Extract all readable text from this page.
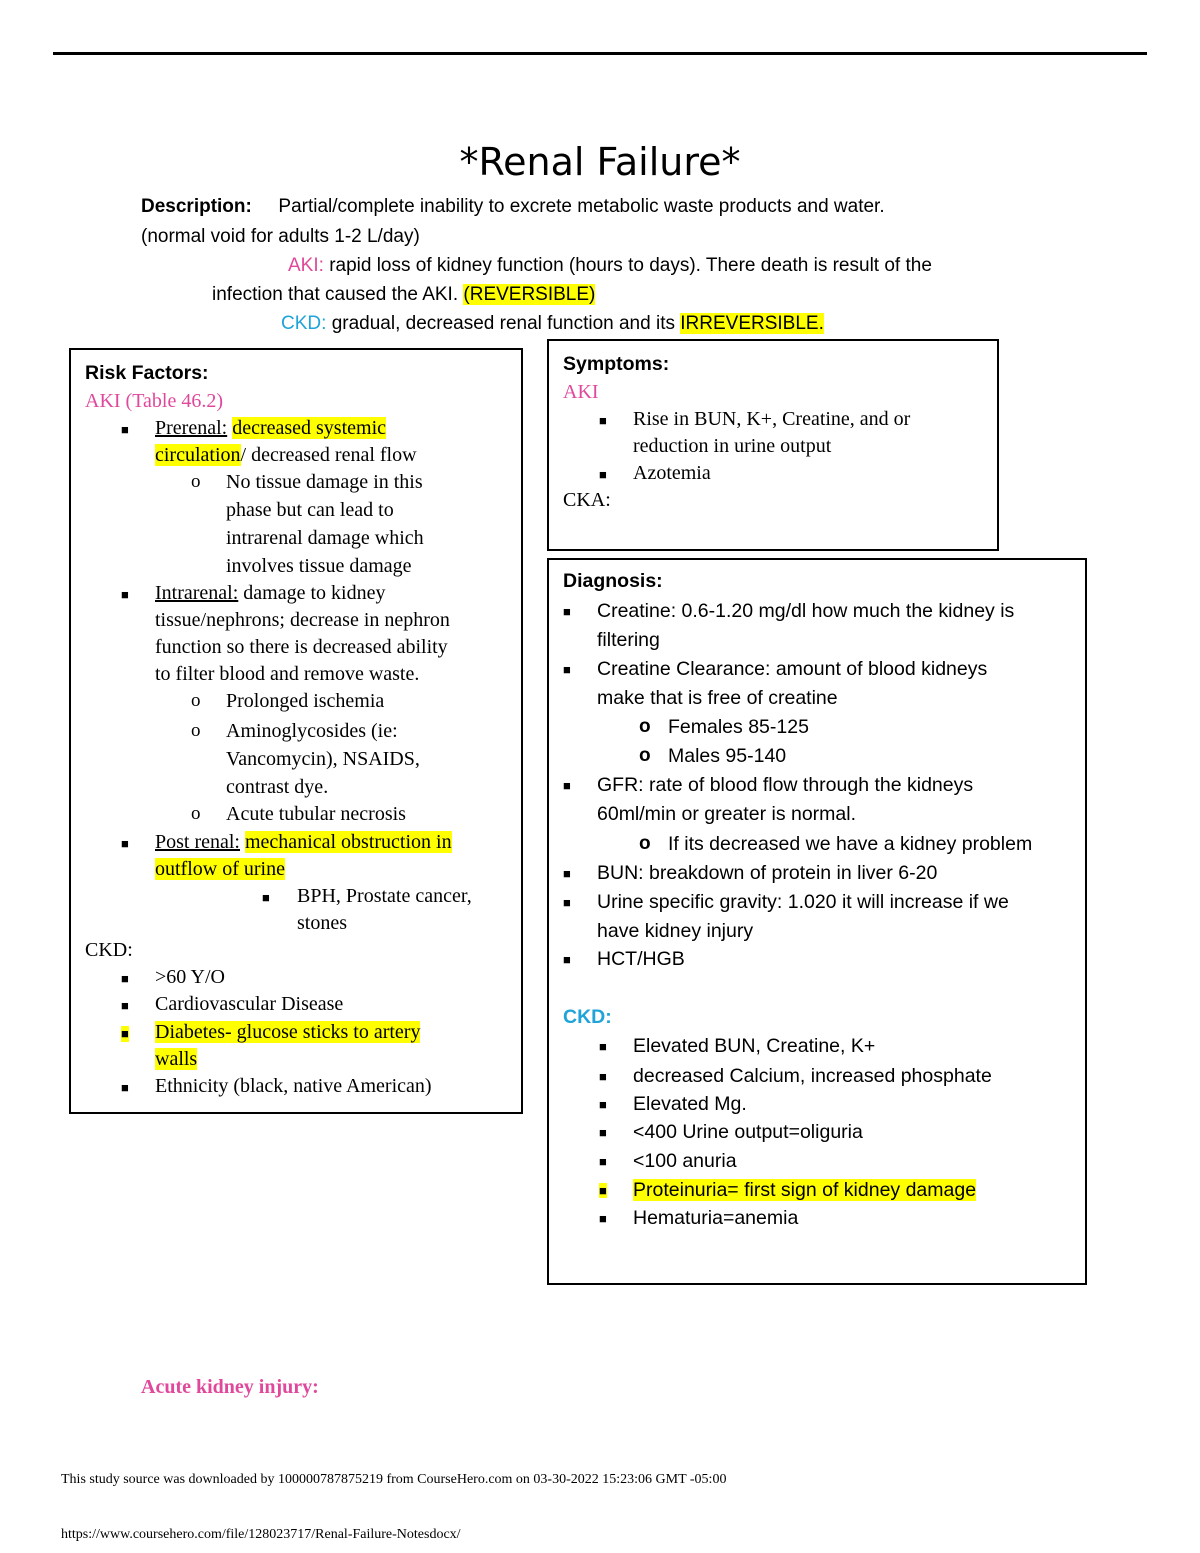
*Renal Failure*
Description: Partial/complete inability to excrete metabolic waste products and water.
(normal void for adults 1-2 L/day)
AKI: rapid loss of kidney function (hours to days). There death is result of the
infection that caused the AKI. (REVERSIBLE)
CKD: gradual, decreased renal function and its IRREVERSIBLE.
Risk Factors:
AKI (Table 46.2)
■ Prerenal: decreased systemic
circulation/ decreased renal flow
o No tissue damage in this
phase but can lead to
intrarenal damage which
involves tissue damage
■ Intrarenal: damage to kidney
tissue/nephrons; decrease in nephron
function so there is decreased ability
to filter blood and remove waste.
o Prolonged ischemia
o Aminoglycosides (ie:
Vancomycin), NSAIDS,
contrast dye.
o Acute tubular necrosis
■ Post renal: mechanical obstruction in
outflow of urine
■ BPH, Prostate cancer,
stones
CKD:
■ >60 Y/O
■ Cardiovascular Disease
■ Diabetes- glucose sticks to artery
walls
■ Ethnicity (black, native American)
Symptoms:
AKI
■ Rise in BUN, K+, Creatine, and or
reduction in urine output
■ Azotemia
CKA:
Diagnosis:
■ Creatine: 0.6-1.20 mg/dl how much the kidney is
filtering
■ Creatine Clearance: amount of blood kidneys
make that is free of creatine
o Females 85-125
o Males 95-140
■ GFR: rate of blood flow through the kidneys
60ml/min or greater is normal.
o If its decreased we have a kidney problem
■ BUN: breakdown of protein in liver 6-20
■ Urine specific gravity: 1.020 it will increase if we
have kidney injury
■ HCT/HGB
CKD:
■ Elevated BUN, Creatine, K+
■ decreased Calcium, increased phosphate
■ Elevated Mg.
■ <400 Urine output=oliguria
■ <100 anuria
■ Proteinuria= first sign of kidney damage
■ Hematuria=anemia
Acute kidney injury:
This study source was downloaded by 100000787875219 from CourseHero.com on 03-30-2022 15:23:06 GMT -05:00
https://www.coursehero.com/file/128023717/Renal-Failure-Notesdocx/
